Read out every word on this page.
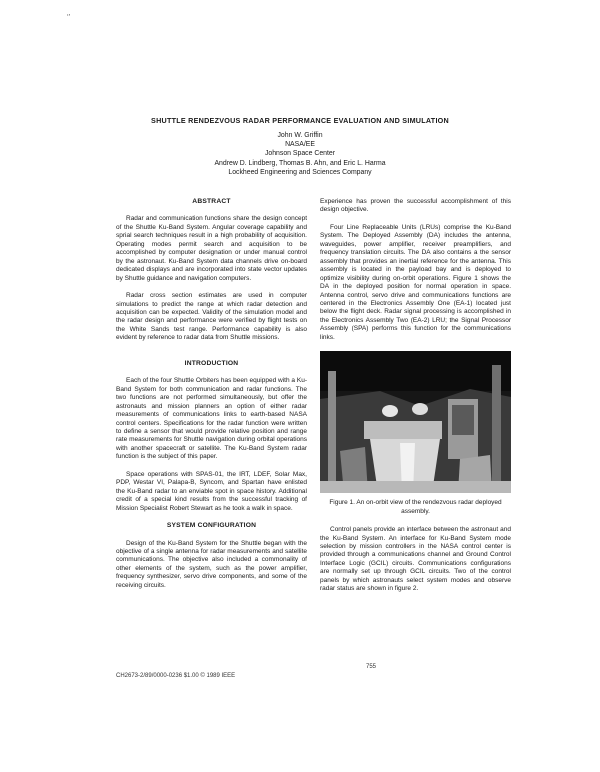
‘’
SHUTTLE RENDEZVOUS RADAR PERFORMANCE EVALUATION AND SIMULATION
John W. Griffin
NASA/EE
Johnson Space Center
Andrew D. Lindberg, Thomas B. Ahn, and Eric L. Harma
Lockheed Engineering and Sciences Company
ABSTRACT
Radar and communication functions share the design concept of the Shuttle Ku-Band System. Angular coverage capability and sprial search techniques result in a high probability of acquisition. Operating modes permit search and acquisition to be accomplished by computer designation or under manual control by the astronaut. Ku-Band System data channels drive on-board dedicated displays and are incorporated into state vector updates by Shuttle guidance and navigation computers.
Radar cross section estimates are used in computer simulations to predict the range at which radar detection and acquisition can be expected. Validity of the simulation model and the radar design and performance were verified by flight tests on the White Sands test range. Performance capability is also evident by reference to radar data from Shuttle missions.
INTRODUCTION
Each of the four Shuttle Orbiters has been equipped with a Ku-Band System for both communication and radar functions. The two functions are not performed simultaneously, but offer the astronauts and mission planners an option of either radar measurements of communications links to earth-based NASA control centers. Specifications for the radar function were written to define a sensor that would provide relative position and range rate measurements for Shuttle navigation during orbital operations with another spacecraft or satellite. The Ku-Band System radar function is the subject of this paper.
Space operations with SPAS-01, the IRT, LDEF, Solar Max, PDP, Westar VI, Palapa-B, Syncom, and Spartan have enlisted the Ku-Band radar to an enviable spot in space history. Additional credit of a special kind results from the successful tracking of Mission Specialist Robert Stewart as he took a walk in space.
SYSTEM CONFIGURATION
Design of the Ku-Band System for the Shuttle began with the objective of a single antenna for radar measurements and satellite communications. The objective also included a commonality of other elements of the system, such as the power amplifier, frequency synthesizer, servo drive components, and some of the receiving circuits.
Experience has proven the successful accomplishment of this design objective.
Four Line Replaceable Units (LRUs) comprise the Ku-Band System. The Deployed Assembly (DA) includes the antenna, waveguides, power amplifier, receiver preamplifiers, and frequency translation circuits. The DA also contains a the sensor assembly that provides an inertial reference for the antenna. This assembly is located in the payload bay and is deployed to optimize visibility during on-orbit operations. Figure 1 shows the DA in the deployed position for normal operation in space. Antenna control, servo drive and communications functions are centered in the Electronics Assembly One (EA-1) located just below the flight deck. Radar signal processing is accomplished in the Electronics Assembly Two (EA-2) LRU; the Signal Processor Assembly (SPA) performs this function for the communications links.
Figure 1. An on-orbit view of the rendezvous radar deployed assembly.
Control panels provide an interface between the astronaut and the Ku-Band System. An interface for Ku-Band System mode selection by mission controllers in the NASA control center is provided through a communications channel and Ground Control Interface Logic (GCIL) circuits. Communications configurations are normally set up through GCIL circuits. Two of the control panels by which astronauts select system modes and observe radar status are shown in figure 2.
755
CH2673-2/89/0000-0236 $1.00 © 1989 IEEE
